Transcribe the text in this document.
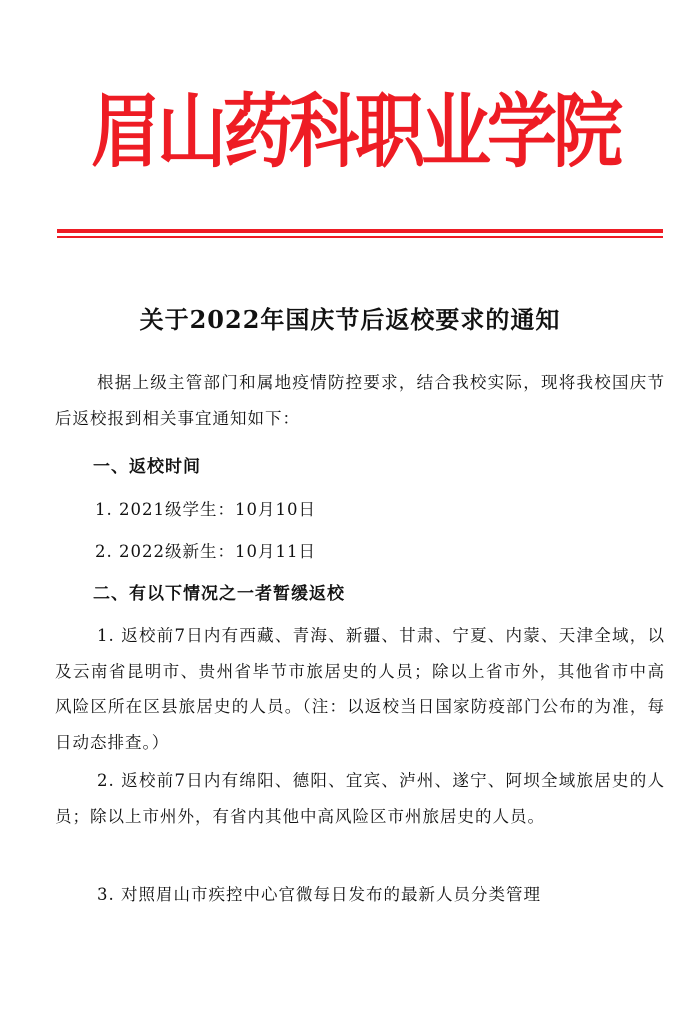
眉山药科职业学院
关于2022年国庆节后返校要求的通知
根据上级主管部门和属地疫情防控要求，结合我校实际，现将我校国庆节后返校报到相关事宜通知如下：
一、返校时间
1. 2021级学生：10月10日
2. 2022级新生：10月11日
二、有以下情况之一者暂缓返校
1. 返校前7日内有西藏、青海、新疆、甘肃、宁夏、内蒙、天津全域，以及云南省昆明市、贵州省毕节市旅居史的人员；除以上省市外，其他省市中高风险区所在区县旅居史的人员。（注：以返校当日国家防疫部门公布的为准，每日动态排查。）
2. 返校前7日内有绵阳、德阳、宜宾、泸州、遂宁、阿坝全域旅居史的人员；除以上市州外，有省内其他中高风险区市州旅居史的人员。
3. 对照眉山市疾控中心官微每日发布的最新人员分类管理
